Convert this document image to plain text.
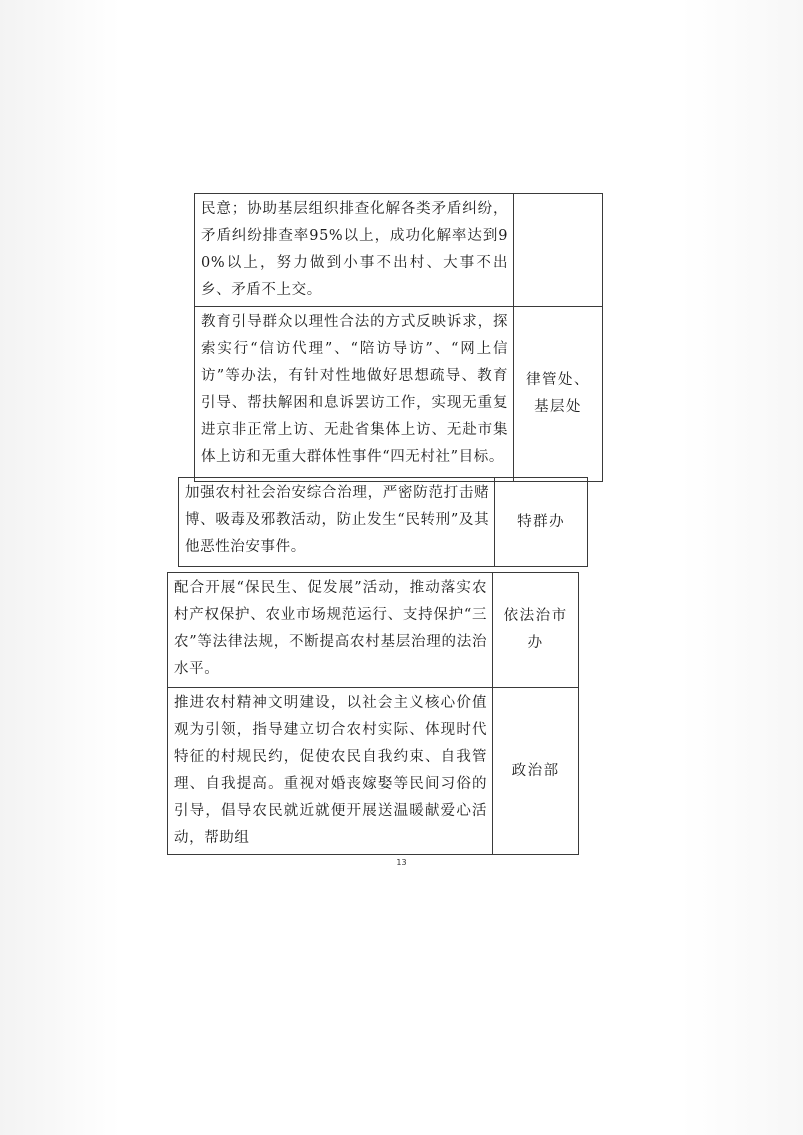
民意；协助基层组织排查化解各类矛盾纠纷，矛盾纠纷排查率95%以上，成功化解率达到90%以上，努力做到小事不出村、大事不出乡、矛盾不上交。	
教育引导群众以理性合法的方式反映诉求，探索实行“信访代理”、“陪访导访”、“网上信访”等办法，有针对性地做好思想疏导、教育引导、帮扶解困和息诉罢访工作，实现无重复进京非正常上访、无赴省集体上访、无赴市集体上访和无重大群体性事件“四无村社”目标。	律管处、基层处
加强农村社会治安综合治理，严密防范打击赌博、吸毒及邪教活动，防止发生“民转刑”及其他恶性治安事件。	特群办
配合开展“保民生、促发展”活动，推动落实农村产权保护、农业市场规范运行、支持保护“三农”等法律法规，不断提高农村基层治理的法治水平。	依法治市办
推进农村精神文明建设，以社会主义核心价值观为引领，指导建立切合农村实际、体现时代特征的村规民约，促使农民自我约束、自我管理、自我提高。重视对婚丧嫁娶等民间习俗的引导，倡导农民就近就便开展送温暖献爱心活动，帮助组	政治部
13
